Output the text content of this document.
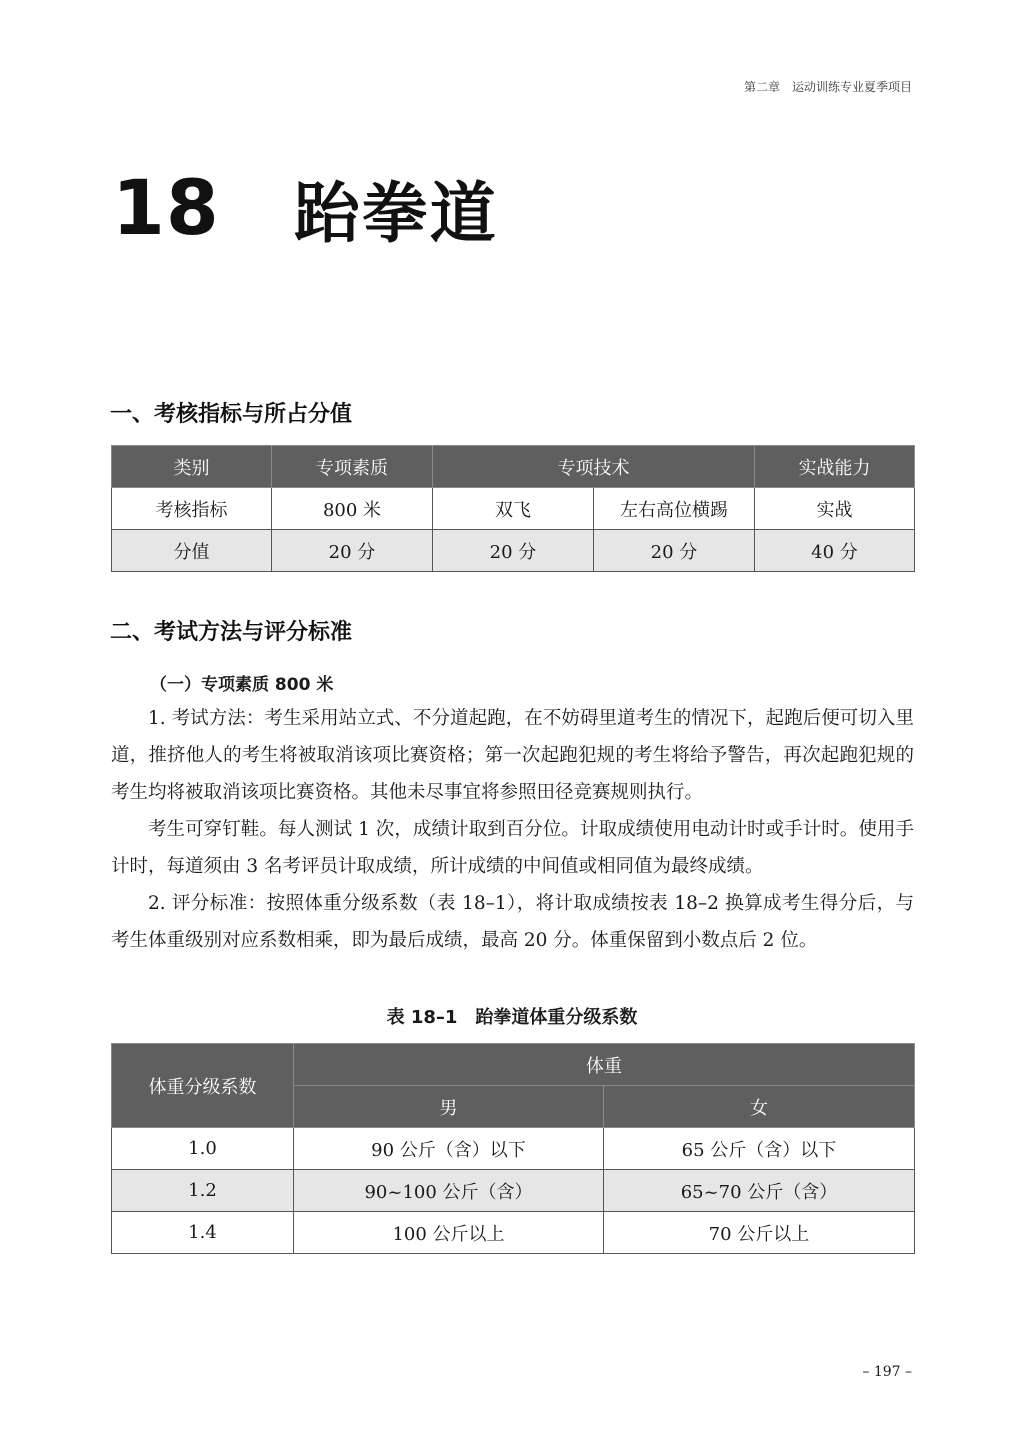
第二章　运动训练专业夏季项目
18 跆拳道
一、考核指标与所占分值
类别	专项素质	专项技术		实战能力
考核指标	800 米	双飞	左右高位横踢	实战
分值	20 分	20 分	20 分	40 分
二、考试方法与评分标准
（一）专项素质 800 米

1. 考试方法：考生采用站立式、不分道起跑，在不妨碍里道考生的情况下，起跑后便可切入里道，推挤他人的考生将被取消该项比赛资格；第一次起跑犯规的考生将给予警告，再次起跑犯规的考生均将被取消该项比赛资格。其他未尽事宜将参照田径竞赛规则执行。

考生可穿钉鞋。每人测试 1 次，成绩计取到百分位。计取成绩使用电动计时或手计时。使用手计时，每道须由 3 名考评员计取成绩，所计成绩的中间值或相同值为最终成绩。

2. 评分标准：按照体重分级系数（表 18–1），将计取成绩按表 18–2 换算成考生得分后，与考生体重级别对应系数相乘，即为最后成绩，最高 20 分。体重保留到小数点后 2 位。

表 18–1　跆拳道体重分级系数
体重分级系数	体重	
	男	女
1.0	90 公斤（含）以下	65 公斤（含）以下
1.2	90~100 公斤（含）	65~70 公斤（含）
1.4	100 公斤以上	70 公斤以上
– 197 –
